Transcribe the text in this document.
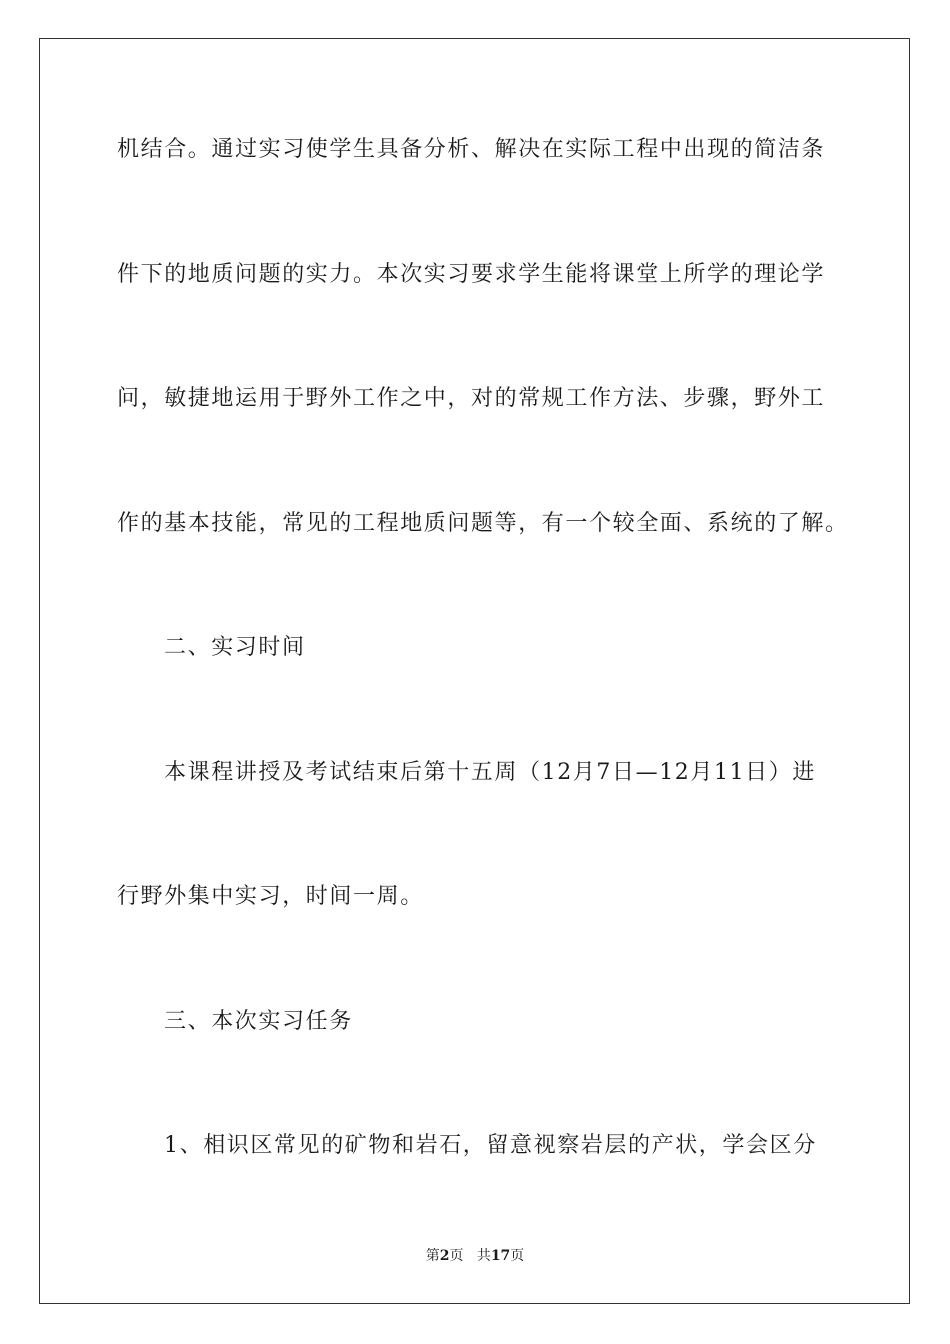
机结合。通过实习使学生具备分析、解决在实际工程中出现的简洁条
件下的地质问题的实力。本次实习要求学生能将课堂上所学的理论学
问，敏捷地运用于野外工作之中，对的常规工作方法、步骤，野外工
作的基本技能，常见的工程地质问题等，有一个较全面、系统的了解。
二、实习时间
本课程讲授及考试结束后第十五周（12月7日—12月11日）进
行野外集中实习，时间一周。
三、本次实习任务
1、相识区常见的矿物和岩石，留意视察岩层的产状，学会区分
第2页 共17页
